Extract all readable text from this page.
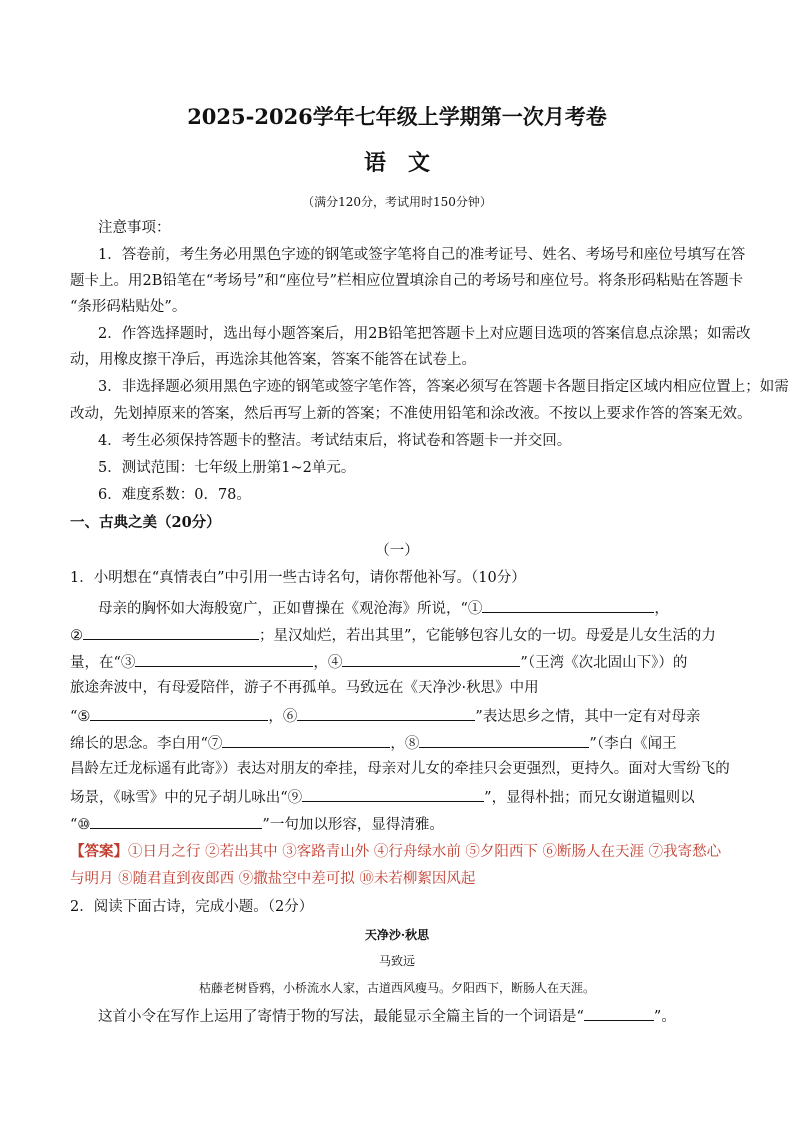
2025-2026学年七年级上学期第一次月考卷
语　文
（满分120分，考试用时150分钟）
注意事项：
1．答卷前，考生务必用黑色字迹的钢笔或签字笔将自己的准考证号、姓名、考场号和座位号填写在答
题卡上。用2B铅笔在“考场号”和“座位号”栏相应位置填涂自己的考场号和座位号。将条形码粘贴在答题卡
“条形码粘贴处”。
2．作答选择题时，选出每小题答案后，用2B铅笔把答题卡上对应题目选项的答案信息点涂黑；如需改
动，用橡皮擦干净后，再选涂其他答案，答案不能答在试卷上。
3．非选择题必须用黑色字迹的钢笔或签字笔作答，答案必须写在答题卡各题目指定区域内相应位置上；如需
改动，先划掉原来的答案，然后再写上新的答案；不准使用铅笔和涂改液。不按以上要求作答的答案无效。
4．考生必须保持答题卡的整洁。考试结束后，将试卷和答题卡一并交回。
5．测试范围：七年级上册第1~2单元。
6．难度系数：0．78。
一、古典之美（20分）
（一）
1．小明想在“真情表白”中引用一些古诗名句，请你帮他补写。（10分）
母亲的胸怀如大海般宽广，正如曹操在《观沧海》所说，“①	，
②	；星汉灿烂，若出其里”，它能够包容儿女的一切。母爱是儿女生活的力
量，在“③	，④	”（王湾《次北固山下》）的
旅途奔波中，有母爱陪伴，游子不再孤单。马致远在《天净沙·秋思》中用
“⑤	，⑥	”表达思乡之情，其中一定有对母亲
绵长的思念。李白用“⑦	，⑧	”（李白《闻王
昌龄左迁龙标遥有此寄》）表达对朋友的牵挂，母亲对儿女的牵挂只会更强烈，更持久。面对大雪纷飞的
场景，《咏雪》中的兄子胡儿咏出“⑨	”，显得朴拙；而兄女谢道韫则以
“⑩	”一句加以形容，显得清雅。
【答案】①日月之行 ②若出其中 ③客路青山外 ④行舟绿水前 ⑤夕阳西下 ⑥断肠人在天涯 ⑦我寄愁心
与明月 ⑧随君直到夜郎西 ⑨撒盐空中差可拟 ⑩未若柳絮因风起
2．阅读下面古诗，完成小题。（2分）
天净沙·秋思
马致远
枯藤老树昏鸦，小桥流水人家，古道西风瘦马。夕阳西下，断肠人在天涯。
这首小令在写作上运用了寄情于物的写法，最能显示全篇主旨的一个词语是“	”。
